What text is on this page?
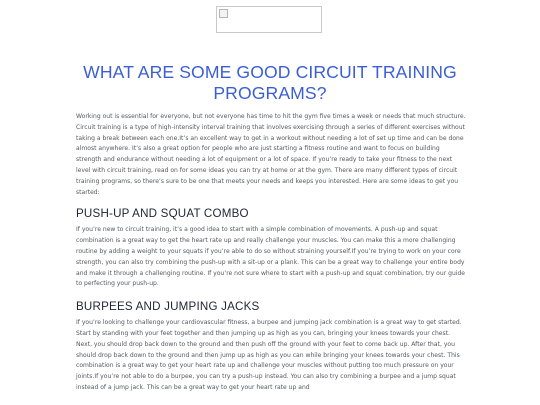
WHAT ARE SOME GOOD CIRCUIT TRAINING PROGRAMS?

Working out is essential for everyone, but not everyone has time to hit the gym five times a week or needs that much structure. Circuit training is a type of high-intensity interval training that involves exercising through a series of different exercises without taking a break between each one.It’s an excellent way to get in a workout without needing a lot of set up time and can be done almost anywhere. It’s also a great option for people who are just starting a fitness routine and want to focus on building strength and endurance without needing a lot of equipment or a lot of space. If you’re ready to take your fitness to the next level with circuit training, read on for some ideas you can try at home or at the gym. There are many different types of circuit training programs, so there’s sure to be one that meets your needs and keeps you interested. Here are some ideas to get you started:

PUSH-UP AND SQUAT COMBO

If you’re new to circuit training, it’s a good idea to start with a simple combination of movements. A push-up and squat combination is a great way to get the heart rate up and really challenge your muscles. You can make this a more challenging routine by adding a weight to your squats if you’re able to do so without straining yourself.If you’re trying to work on your core strength, you can also try combining the push-up with a sit-up or a plank. This can be a great way to challenge your entire body and make it through a challenging routine. If you’re not sure where to start with a push-up and squat combination, try our guide to perfecting your push-up.

BURPEES AND JUMPING JACKS

If you’re looking to challenge your cardiovascular fitness, a burpee and jumping jack combination is a great way to get started. Start by standing with your feet together and then jumping up as high as you can, bringing your knees towards your chest. Next, you should drop back down to the ground and then push off the ground with your feet to come back up. After that, you should drop back down to the ground and then jump up as high as you can while bringing your knees towards your chest. This combination is a great way to get your heart rate up and challenge your muscles without putting too much pressure on your joints.If you’re not able to do a burpee, you can try a push-up instead. You can also try combining a burpee and a jump squat instead of a jump jack. This can be a great way to get your heart rate up and
